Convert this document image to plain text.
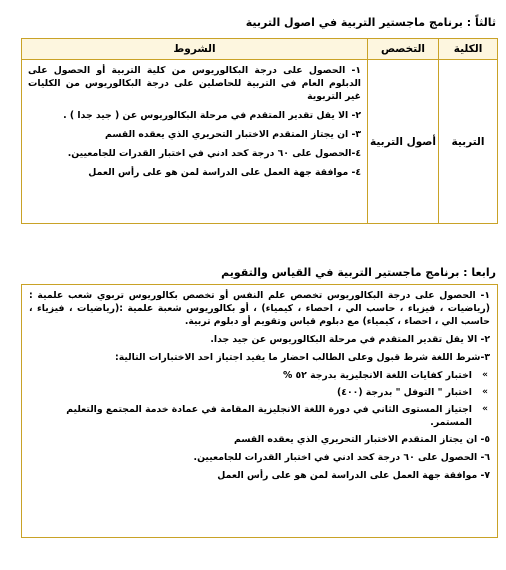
ثالثاً : برنامج ماجستير التربية في اصول التربية
الكلية	التخصص	الشروط
التربية	أصول التربية	١- الحصول على درجة البكالوريوس من كلية التربية أو الحصول على الدبلوم العام في التربية للحاصلين على درجة البكالوريوس من الكليات غير التربوية
٢- الا يقل تقدير المتقدم في مرحلة البكالوريوس عن ( جيد جدا ) .
٣- ان يجتاز المتقدم الاختبار التحريري الذي يعقده القسم
٤-الحصول على ٦٠ درجة كحد ادني في اختبار القدرات للجامعيين.
٤- موافقة جهة العمل على الدراسة لمن هو على رأس العمل
رابعا : برنامج ماجستير التربية في القياس والتقويم
١- الحصول على درجة البكالوريوس تخصص علم النفس أو تخصص بكالوريوس تربوي شعب علمية : (رياضيات ، فيزياء ، حاسب الي ، احصاء ، كيمياء) ، أو بكالوريوس شعبة علمية :(رياضيات ، فيزياء ، حاسب الي ، احصاء ، كيمياء) مع دبلوم قياس وتقويم أو دبلوم تربية.
٢- الا يقل تقدير المتقدم في مرحلة البكالوريوس عن جيد جدا.
٣-شرط اللغة شرط قبول وعلى الطالب احضار ما يفيد اجتياز احد الاختبارات التالية:
»
اختبار كفايات اللغة الانجليزية بدرجة ٥٢ %
»
اختبار " التوفل " بدرجة (٤٠٠)
»
اجتياز المستوى الثاني في دورة اللغة الانجليزية المقامة في عمادة خدمة المجتمع والتعليم المستمر.
٥- ان يجتاز المتقدم الاختبار التحريري الذي يعقده القسم
٦- الحصول على ٦٠ درجة كحد ادني في اختبار القدرات للجامعيين.
٧- موافقة جهة العمل على الدراسة لمن هو على رأس العمل
